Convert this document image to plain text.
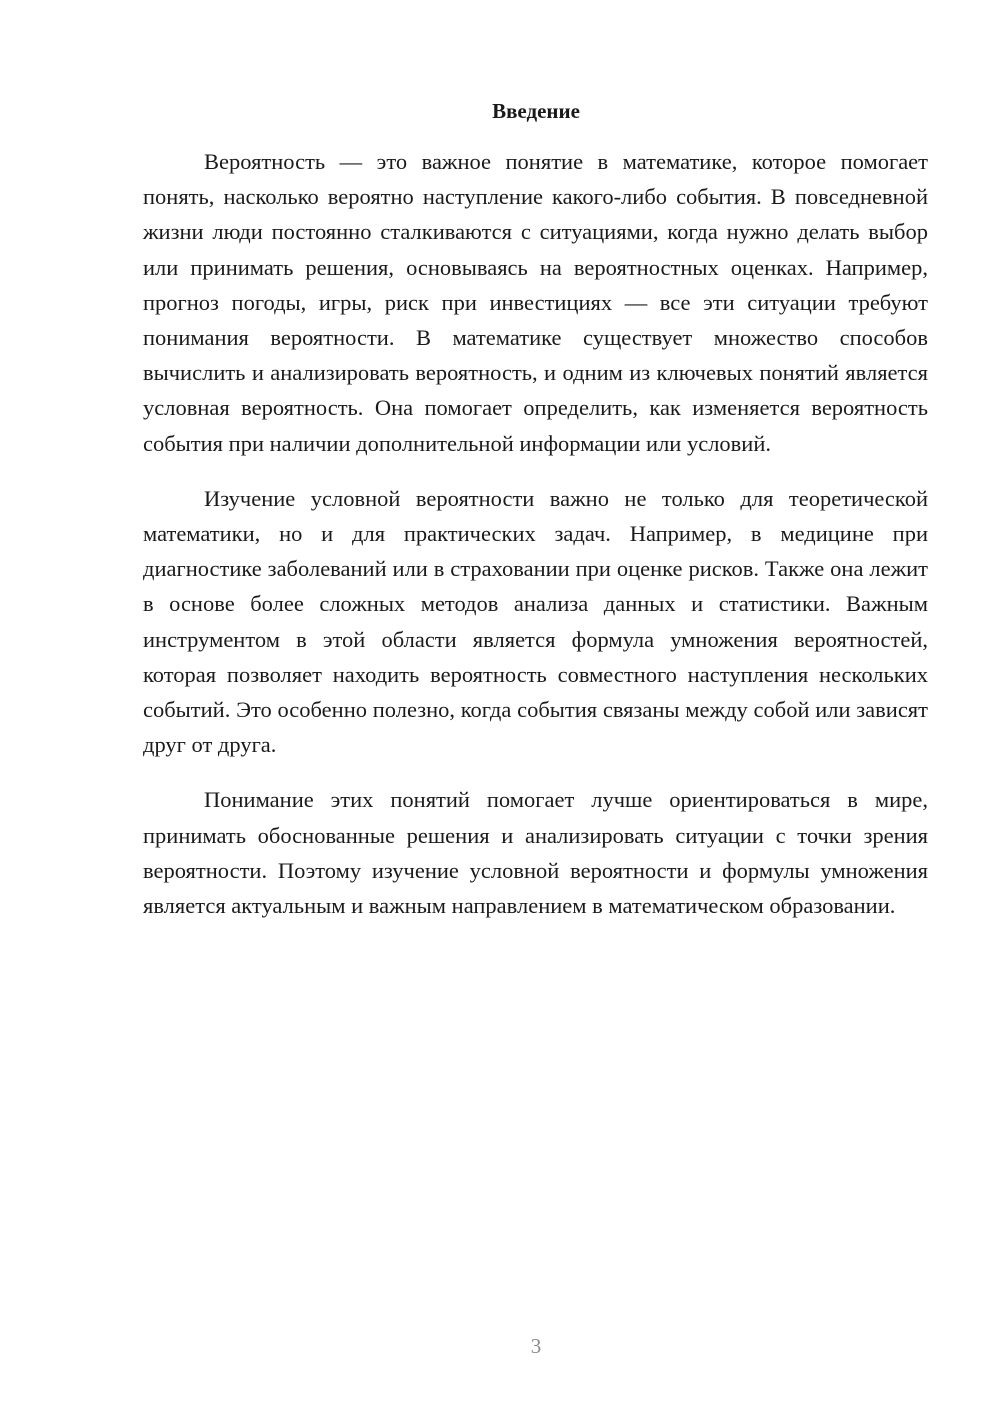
Введение

Вероятность — это важное понятие в математике, которое помогает понять, насколько вероятно наступление какого-либо события. В повседневной жизни люди постоянно сталкиваются с ситуациями, когда нужно делать выбор или принимать решения, основываясь на вероятностных оценках. Например, прогноз погоды, игры, риск при инвестициях — все эти ситуации требуют понимания вероятности. В математике существует множество способов вычислить и анализировать вероятность, и одним из ключевых понятий является условная вероятность. Она помогает определить, как изменяется вероятность события при наличии дополнительной информации или условий.

Изучение условной вероятности важно не только для теоретической математики, но и для практических задач. Например, в медицине при диагностике заболеваний или в страховании при оценке рисков. Также она лежит в основе более сложных методов анализа данных и статистики. Важным инструментом в этой области является формула умножения вероятностей, которая позволяет находить вероятность совместного наступления нескольких событий. Это особенно полезно, когда события связаны между собой или зависят друг от друга.

Понимание этих понятий помогает лучше ориентироваться в мире, принимать обоснованные решения и анализировать ситуации с точки зрения вероятности. Поэтому изучение условной вероятности и формулы умножения является актуальным и важным направлением в математическом образовании.

3
